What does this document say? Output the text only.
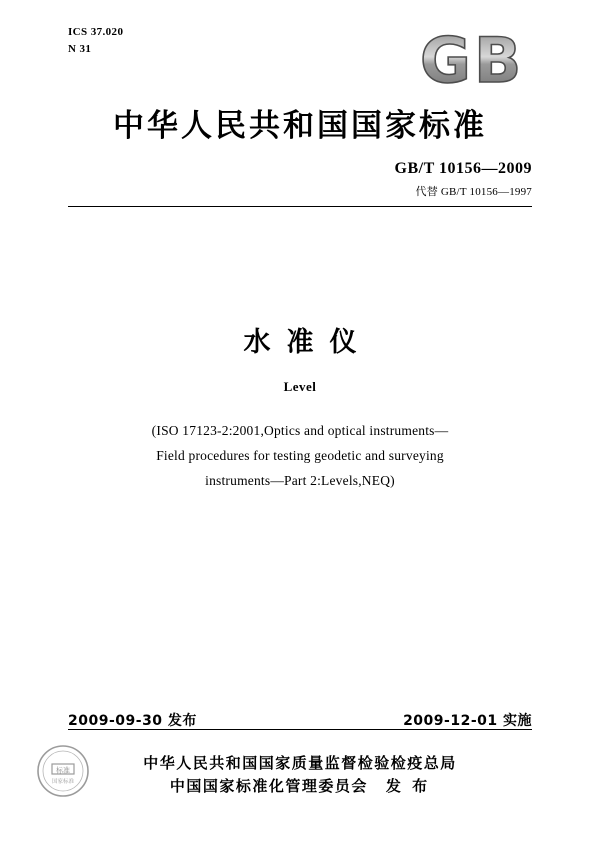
ICS 37.020
N 31	G B
中华人民共和国国家标准
GB/T 10156—2009
代替 GB/T 10156—1997
水准仪
Level
(ISO 17123-2:2001,Optics and optical instruments—
Field procedures for testing geodetic and surveying
instruments—Part 2:Levels,NEQ)
2009-09-30 发布	2009-12-01 实施
标准
国家标准
中华人民共和国国家质量监督检验检疫总局
中国国家标准化管理委员会 发 布
